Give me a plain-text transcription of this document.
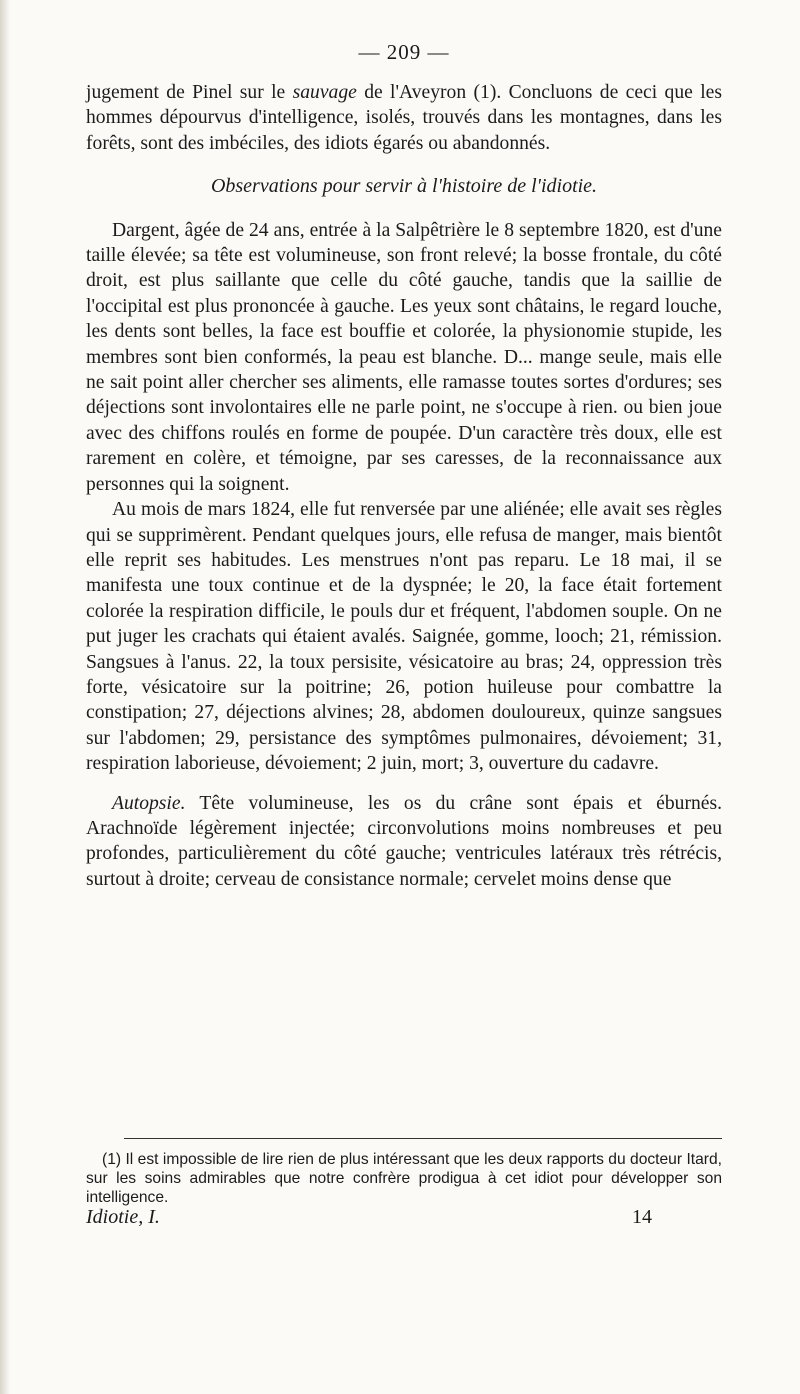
— 209 —

jugement de Pinel sur le sauvage de l'Aveyron (1). Concluons de ceci que les hommes dépourvus d'intelligence, isolés, trouvés dans les montagnes, dans les forêts, sont des imbéciles, des idiots égarés ou abandonnés.

Observations pour servir à l'histoire de l'idiotie.

Dargent, âgée de 24 ans, entrée à la Salpêtrière le 8 septembre 1820, est d'une taille élevée; sa tête est volumineuse, son front relevé; la bosse frontale, du côté droit, est plus saillante que celle du côté gauche, tandis que la saillie de l'occipital est plus prononcée à gauche. Les yeux sont châtains, le regard louche, les dents sont belles, la face est bouffie et colorée, la physionomie stupide, les membres sont bien conformés, la peau est blanche. D... mange seule, mais elle ne sait point aller chercher ses aliments, elle ramasse toutes sortes d'ordures; ses déjections sont involontaires elle ne parle point, ne s'occupe à rien. ou bien joue avec des chiffons roulés en forme de poupée. D'un caractère très doux, elle est rarement en colère, et témoigne, par ses caresses, de la reconnaissance aux personnes qui la soignent.

Au mois de mars 1824, elle fut renversée par une aliénée; elle avait ses règles qui se supprimèrent. Pendant quelques jours, elle refusa de manger, mais bientôt elle reprit ses habitudes. Les menstrues n'ont pas reparu. Le 18 mai, il se manifesta une toux continue et de la dyspnée; le 20, la face était fortement colorée la respiration difficile, le pouls dur et fréquent, l'abdomen souple. On ne put juger les crachats qui étaient avalés. Saignée, gomme, looch; 21, rémission. Sangsues à l'anus. 22, la toux persisite, vésicatoire au bras; 24, oppression très forte, vésicatoire sur la poitrine; 26, potion huileuse pour combattre la constipation; 27, déjections alvines; 28, abdomen douloureux, quinze sangsues sur l'abdomen; 29, persistance des symptômes pulmonaires, dévoiement; 31, respiration laborieuse, dévoiement; 2 juin, mort; 3, ouverture du cadavre.

Autopsie. Tête volumineuse, les os du crâne sont épais et éburnés. Arachnoïde légèrement injectée; circonvolutions moins nombreuses et peu profondes, particulièrement du côté gauche; ventricules latéraux très rétrécis, surtout à droite; cerveau de consistance normale; cervelet moins dense que

(1) Il est impossible de lire rien de plus intéressant que les deux rapports du docteur Itard, sur les soins admirables que notre confrère prodigua à cet idiot pour développer son intelligence.

Idiotie, I.	14
